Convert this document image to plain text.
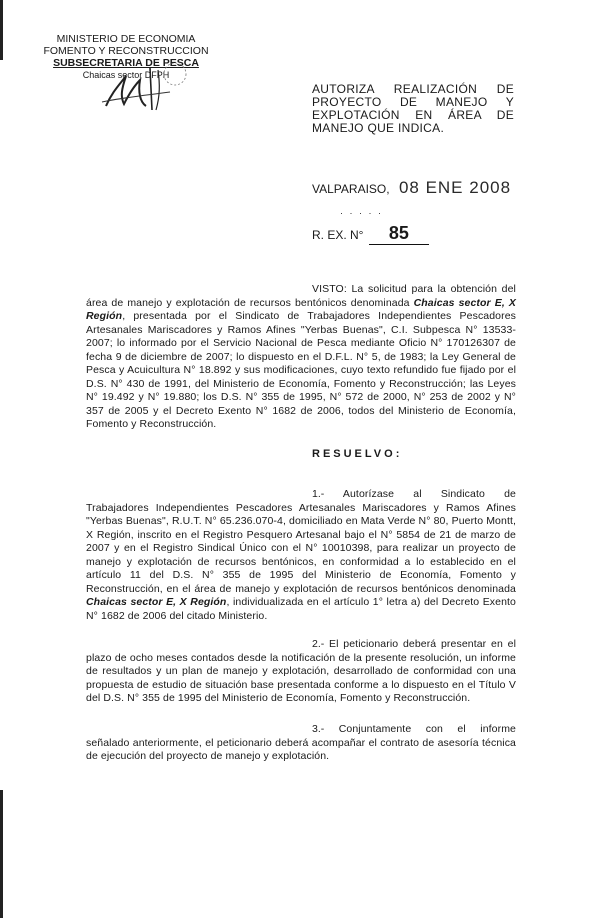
MINISTERIO DE ECONOMIA
FOMENTO Y RECONSTRUCCION
SUBSECRETARIA DE PESCA
Chaicas sector DFPH
AUTORIZA REALIZACIÓN DE PROYECTO DE MANEJO Y EXPLOTACIÓN EN ÁREA DE MANEJO QUE INDICA.
VALPARAISO, 08 ENE 2008
· · · · ·
R. EX. N° 85
VISTO: La solicitud para la obtención del área de manejo y explotación de recursos bentónicos denominada Chaicas sector E, X Región, presentada por el Sindicato de Trabajadores Independientes Pescadores Artesanales Mariscadores y Ramos Afines "Yerbas Buenas", C.I. Subpesca N° 13533-2007; lo informado por el Servicio Nacional de Pesca mediante Oficio N° 170126307 de fecha 9 de diciembre de 2007; lo dispuesto en el D.F.L. N° 5, de 1983; la Ley General de Pesca y Acuicultura N° 18.892 y sus modificaciones, cuyo texto refundido fue fijado por el D.S. N° 430 de 1991, del Ministerio de Economía, Fomento y Reconstrucción; las Leyes N° 19.492 y N° 19.880; los D.S. N° 355 de 1995, N° 572 de 2000, N° 253 de 2002 y N° 357 de 2005 y el Decreto Exento N° 1682 de 2006, todos del Ministerio de Economía, Fomento y Reconstrucción.
RESUELVO:
1.- Autorízase al Sindicato de Trabajadores Independientes Pescadores Artesanales Mariscadores y Ramos Afines "Yerbas Buenas", R.U.T. N° 65.236.070-4, domiciliado en Mata Verde N° 80, Puerto Montt, X Región, inscrito en el Registro Pesquero Artesanal bajo el N° 5854 de 21 de marzo de 2007 y en el Registro Sindical Único con el N° 10010398, para realizar un proyecto de manejo y explotación de recursos bentónicos, en conformidad a lo establecido en el artículo 11 del D.S. N° 355 de 1995 del Ministerio de Economía, Fomento y Reconstrucción, en el área de manejo y explotación de recursos bentónicos denominada Chaicas sector E, X Región, individualizada en el artículo 1° letra a) del Decreto Exento N° 1682 de 2006 del citado Ministerio.
2.- El peticionario deberá presentar en el plazo de ocho meses contados desde la notificación de la presente resolución, un informe de resultados y un plan de manejo y explotación, desarrollado de conformidad con una propuesta de estudio de situación base presentada conforme a lo dispuesto en el Título V del D.S. N° 355 de 1995 del Ministerio de Economía, Fomento y Reconstrucción.
3.- Conjuntamente con el informe señalado anteriormente, el peticionario deberá acompañar el contrato de asesoría técnica de ejecución del proyecto de manejo y explotación.
